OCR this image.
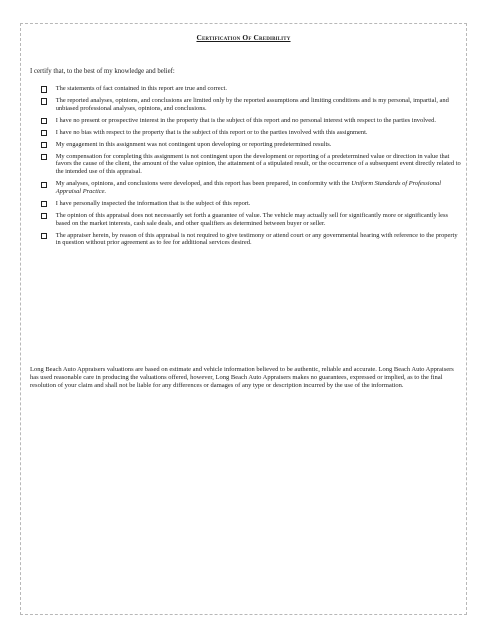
Certification Of Credibility
I certify that, to the best of my knowledge and belief:
The statements of fact contained in this report are true and correct.
The reported analyses, opinions, and conclusions are limited only by the reported assumptions and limiting conditions and is my personal, impartial, and unbiased professional analyses, opinions, and conclusions.
I have no present or prospective interest in the property that is the subject of this report and no personal interest with respect to the parties involved.
I have no bias with respect to the property that is the subject of this report or to the parties involved with this assignment.
My engagement in this assignment was not contingent upon developing or reporting predetermined results.
My compensation for completing this assignment is not contingent upon the development or reporting of a predetermined value or direction in value that favors the cause of the client, the amount of the value opinion, the attainment of a stipulated result, or the occurrence of a subsequent event directly related to the intended use of this appraisal.
My analyses, opinions, and conclusions were developed, and this report has been prepared, in conformity with the Uniform Standards of Professional Appraisal Practice.
I have personally inspected the information that is the subject of this report.
The opinion of this appraisal does not necessarily set forth a guarantee of value. The vehicle may actually sell for significantly more or significantly less based on the market interests, cash sale deals, and other qualifiers as determined between buyer or seller.
The appraiser herein, by reason of this appraisal is not required to give testimony or attend court or any governmental hearing with reference to the property in question without prior agreement as to fee for additional services desired.

Long Beach Auto Appraisers valuations are based on estimate and vehicle information believed to be authentic, reliable and accurate. Long Beach Auto Appraisers has used reasonable care in producing the valuations offered, however, Long Beach Auto Appraisers makes no guarantees, expressed or implied, as to the final resolution of your claim and shall not be liable for any differences or damages of any type or description incurred by the use of the information.
